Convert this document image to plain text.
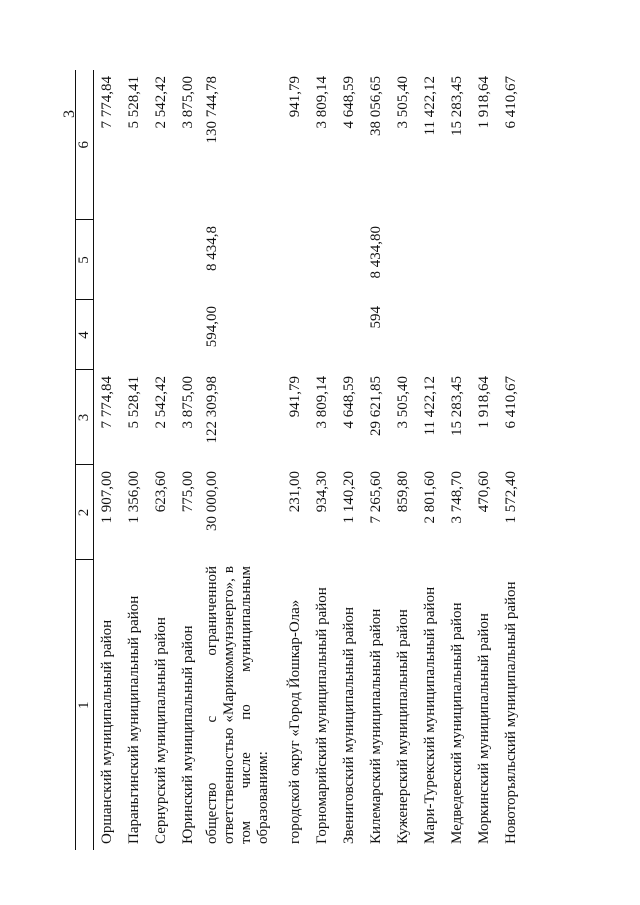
3
1	2	3	4	5	6
Оршанский муниципальный район	1 907,00	7 774,84			7 774,84
Параньгинский муниципальный район	1 356,00	5 528,41			5 528,41
Сернурский муниципальный район	623,60	2 542,42			2 542,42
Юринский муниципальный район	775,00	3 875,00			3 875,00
общество с ограниченной ответственностью «Марикоммунэнерго», в том числе по муниципальным образованиям:	30 000,00	122 309,98	594,00	8 434,8	130 744,78
городской округ «Город Йошкар-Ола»	231,00	941,79			941,79
Горномарийский муниципальный район	934,30	3 809,14			3 809,14
Звениговский муниципальный район	1 140,20	4 648,59			4 648,59
Килемарский муниципальный район	7 265,60	29 621,85	594	8 434,80	38 056,65
Куженерский муниципальный район	859,80	3 505,40			3 505,40
Мари-Турекский муниципальный район	2 801,60	11 422,12			11 422,12
Медведевский муниципальный район	3 748,70	15 283,45			15 283,45
Моркинский муниципальный район	470,60	1 918,64			1 918,64
Новоторъяльский муниципальный район	1 572,40	6 410,67			6 410,67
